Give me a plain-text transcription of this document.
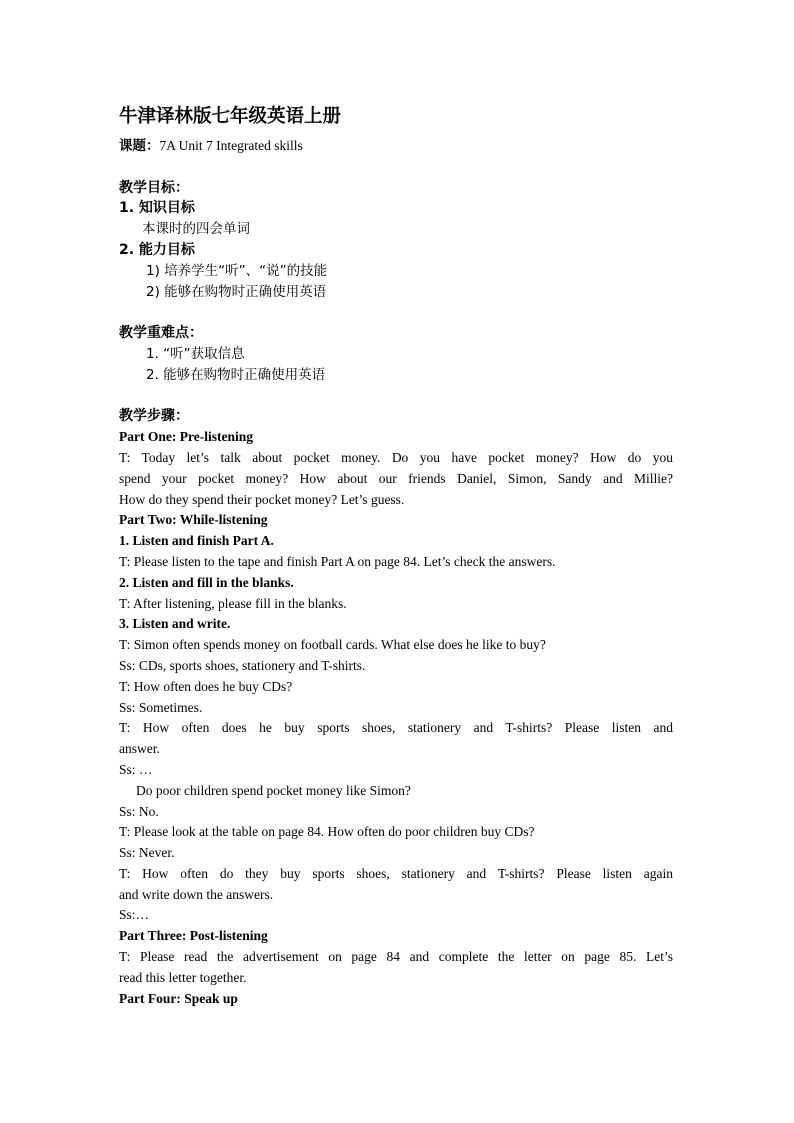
牛津译林版七年级英语上册
课题：7A Unit 7 Integrated skills
教学目标：
1. 知识目标
本课时的四会单词
2. 能力目标
1) 培养学生“听”、“说”的技能
2) 能够在购物时正确使用英语
教学重难点：
1. “听”获取信息
2. 能够在购物时正确使用英语
教学步骤：
Part One: Pre-listening
T: Today let’s talk about pocket money. Do you have pocket money? How do you
spend your pocket money? How about our friends Daniel, Simon, Sandy and Millie?
How do they spend their pocket money? Let’s guess.
Part Two: While-listening
1. Listen and finish Part A.
T: Please listen to the tape and finish Part A on page 84. Let’s check the answers.
2. Listen and fill in the blanks.
T: After listening, please fill in the blanks.
3. Listen and write.
T: Simon often spends money on football cards. What else does he like to buy?
Ss: CDs, sports shoes, stationery and T-shirts.
T: How often does he buy CDs?
Ss: Sometimes.
T: How often does he buy sports shoes, stationery and T-shirts? Please listen and
answer.
Ss: …
Do poor children spend pocket money like Simon?
Ss: No.
T: Please look at the table on page 84. How often do poor children buy CDs?
Ss: Never.
T: How often do they buy sports shoes, stationery and T-shirts? Please listen again
and write down the answers.
Ss:…
Part Three: Post-listening
T: Please read the advertisement on page 84 and complete the letter on page 85. Let’s
read this letter together.
Part Four: Speak up
